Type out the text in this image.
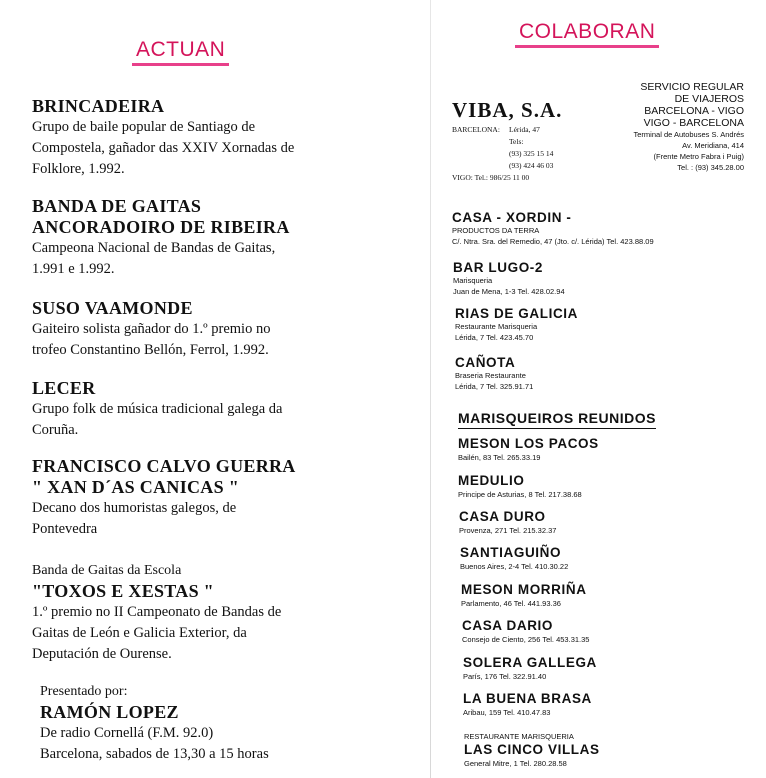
ACTUAN
COLABORAN
BRINCADEIRA
Grupo de baile popular de Santiago de
Compostela, gañador das XXIV Xornadas de
Folklore, 1.992.
BANDA DE GAITAS
ANCORADOIRO DE RIBEIRA
Campeona Nacional de Bandas de Gaitas,
1.991 e 1.992.
SUSO VAAMONDE
Gaiteiro solista gañador do 1.º premio no
trofeo Constantino Bellón, Ferrol, 1.992.
LECER
Grupo folk de música tradicional galega da
Coruña.
FRANCISCO CALVO GUERRA
" XAN D´AS CANICAS "
Decano dos humoristas galegos, de
Pontevedra
Banda de Gaitas da Escola
"TOXOS E XESTAS "
1.º premio no II Campeonato de Bandas de
Gaitas de León e Galicia Exterior, da
Deputación de Ourense.
Presentado por:
RAMÓN LOPEZ
De radio Cornellá (F.M. 92.0)
Barcelona, sabados de 13,30 a 15 horas
VIBA, S.A.
BARCELONA: Lérida, 47
Tels:
(93) 325 15 14
(93) 424 46 03
VIGO: Tel.: 986/25 11 00
SERVICIO REGULAR
DE VIAJEROS
BARCELONA - VIGO
VIGO - BARCELONA
Terminal de Autobuses S. Andrés
Av. Meridiana, 414
(Frente Metro Fabra i Puig)
Tel. : (93) 345.28.00
CASA - XORDIN -
PRODUCTOS DA TERRA
C/. Ntra. Sra. del Remedio, 47 (Jto. c/. Lérida) Tel. 423.88.09
BAR LUGO-2
Marisqueria
Juan de Mena, 1-3 Tel. 428.02.94
RIAS DE GALICIA
Restaurante Marisqueria
Lérida, 7 Tel. 423.45.70
CAÑOTA
Braseria Restaurante
Lérida, 7 Tel. 325.91.71
MARISQUEIROS REUNIDOS
MESON LOS PACOS
Bailén, 83 Tel. 265.33.19
MEDULIO
Principe de Asturias, 8 Tel. 217.38.68
CASA DURO
Provenza, 271 Tel. 215.32.37
SANTIAGUIÑO
Buenos Aires, 2-4 Tel. 410.30.22
MESON MORRIÑA
Parlamento, 46 Tel. 441.93.36
CASA DARIO
Consejo de Ciento, 256 Tel. 453.31.35
SOLERA GALLEGA
París, 176 Tel. 322.91.40
LA BUENA BRASA
Aribau, 159 Tel. 410.47.83
RESTAURANTE MARISQUERIA
LAS CINCO VILLAS
General Mitre, 1 Tel. 280.28.58
